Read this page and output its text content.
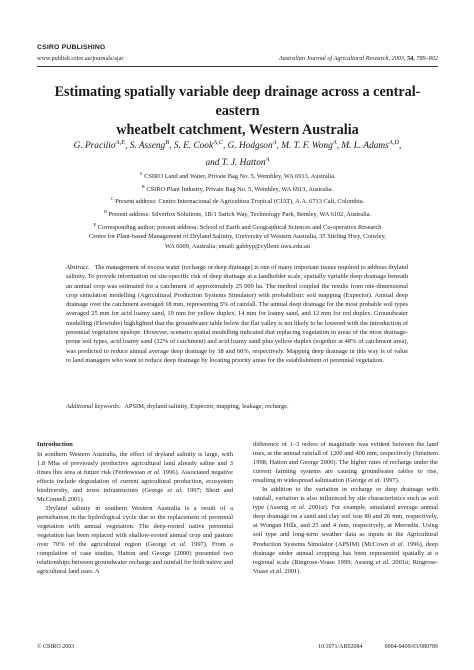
CSIRO PUBLISHING
www.publish.csiro.au/journals/ajar	Australian Journal of Agricultural Research, 2003, 54, 789–802
Estimating spatially variable deep drainage across a central-eastern
wheatbelt catchment, Western Australia
G. Pracilio$^{A,E}$, S. Asseng$^B$, S. E. Cook$^{A,C}$, G. Hodgson$^A$, M. T. F. Wong$^A$, M. L. Adams$^{A,D}$,
and T. J. Hatton$^A$
$^A$ CSIRO Land and Water, Private Bag No. 5, Wembley, WA 6913, Australia.
$^B$ CSIRO Plant Industry, Private Bag No. 5, Wembley, WA 6913, Australia.
$^C$ Present address: Centro Internacional de Agricultura Tropical (CIAT), A.A. 6713 Cali, Colombia.
$^D$ Present address: Silverfox Solutions, 1B/1 Sarich Way, Technology Park, Bentley, WA 6102, Australia.
$^E$ Corresponding author; present address: School of Earth and Geographical Sciences and Co-operative Research
Centre for Plant-based Management of Dryland Salinity, University of Western Australia, 35 Stirling Hwy, Crawley,
WA 6009, Australia; email: gabbyp@cyllene.uwa.edu.au
Abstract. The management of excess water (recharge or deep drainage) is one of many important issues required to address dryland salinity. To provide information on site-specific risk of deep drainage at a landholder scale, spatially variable deep drainage beneath an annual crop was estimated for a catchment of approximately 25 000 ha. The method coupled the results from one-dimensional crop simulation modelling (Agricultural Production Systems Simulator) with probabilistic soil mapping (Expector). Annual deep drainage over the catchment averaged 18 mm, representing 5% of rainfall. The annual deep drainage for the most probable soil types averaged 25 mm for acid loamy sand, 19 mm for yellow duplex, 14 mm for loamy sand, and 12 mm for red duplex. Groundwater modelling (Flowtube) highlighted that the groundwater table below the flat valley is not likely to be lowered with the introduction of perennial vegetation upslope. However, scenario spatial modelling indicated that replacing vegetation in areas of the most drainage-prone soil types, acid loamy sand (22% of catchment) and acid loamy sand plus yellow duplex (together at 48% of catchment area), was predicted to reduce annual average deep drainage by 38 and 60%, respectively. Mapping deep drainage in this way is of value to land managers who want to reduce deep drainage by locating priority areas for the establishment of perennial vegetation.
Additional keywords: APSIM, dryland salinity, Expector, mapping, leakage, recharge.
Introduction

In southern Western Australia, the effect of dryland salinity is large, with 1.8 Mha of previously productive agricultural land already saline and 3 times this area at future risk (Ferdowsian et al. 1996). Associated negative effects include degradation of current agricultural production, ecosystem biodiversity, and town infrastructure (George et al. 1997; Short and McConnell 2001).

Dryland salinity in southern Western Australia is a result of a perturbation in the hydrological cycle due to the replacement of perennial vegetation with annual vegetation. The deep-rooted native perennial vegetation has been replaced with shallow-rooted annual crop and pasture over 70% of the agricultural region (George et al. 1997). From a compilation of case studies, Hatton and George (2000) presented two relationships between groundwater recharge and rainfall for both native and agricultural land uses. A

difference of 1–3 orders of magnitude was evident between the land uses, at the annual rainfall of 1200 and 400 mm, respectively (Smettem 1998; Hatton and George 2000). The higher rates of recharge under the current farming systems are causing groundwater tables to rise, resulting in widespread salinisation (George et al. 1997).

In addition to the variation in recharge or deep drainage with rainfall, variation is also influenced by site characteristics such as soil type (Asseng et al. 2001a). For example, simulated average annual deep drainage on a sand and clay soil was 80 and 26 mm, respectively, at Wongan Hills, and 25 and 4 mm, respectively, at Merredin. Using soil type and long-term weather data as inputs in the Agricultural Production Systems Simulator (APSIM) (McCown et al. 1996), deep drainage under annual cropping has been represented spatially at a regional scale (Ringrose-Voase 1999; Asseng et al. 2001a; Ringrose-Voase et al. 2001).

© CSIRO 2003	10.1071/AR02084	0004-9409/03/080789
